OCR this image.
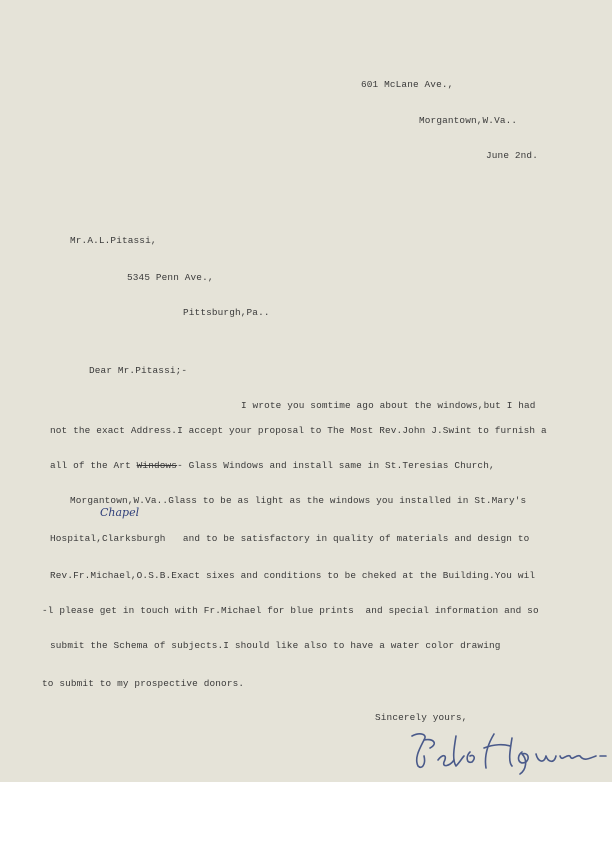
601 McLane Ave.,

Morgantown,W.Va..

June 2nd.

Mr.A.L.Pitassi,

5345 Penn Ave.,

Pittsburgh,Pa..

Dear Mr.Pitassi;-

I wrote you somtime ago about the windows,but I had

not the exact Address.I accept your proposal to The Most Rev.John J.Swint to furnish a

all of the Art Windows- Glass Windows and install same in St.Teresias Church,

Morgantown,W.Va..Glass to be as light as the windows you installed in St.Mary's

Chapel

Hospital,Clarksburgh   and to be satisfactory in quality of materials and design to

Rev.Fr.Michael,O.S.B.Exact sixes and conditions to be cheked at the Building.You wil

-l please get in touch with Fr.Michael for blue prints  and special information and so

submit the Schema of subjects.I should like also to have a water color drawing

to submit to my prospective donors.

Sincerely yours,
